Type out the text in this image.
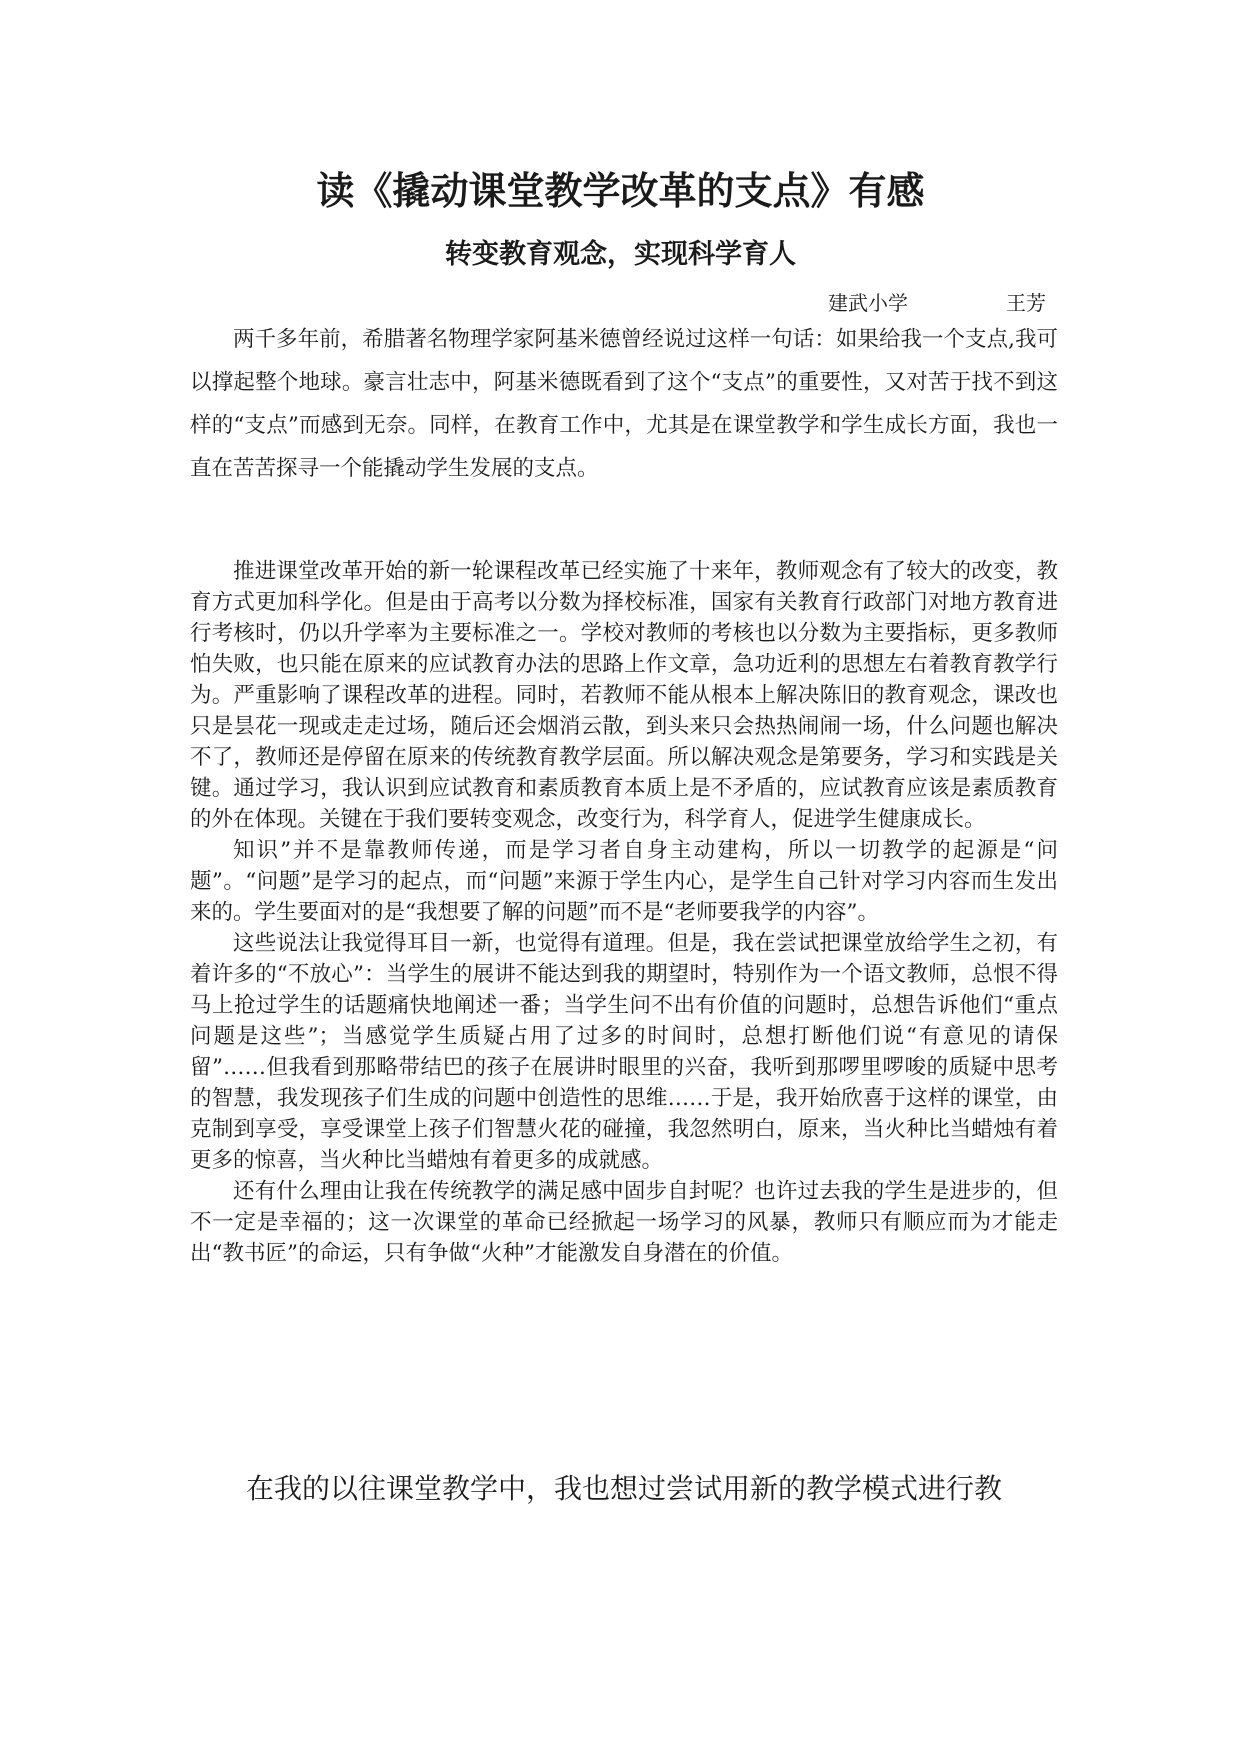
读《撬动课堂教学改革的支点》有感
转变教育观念，实现科学育人
建武小学	王芳

两千多年前，希腊著名物理学家阿基米德曾经说过这样一句话：如果给我一个支点,我可以撑起整个地球。豪言壮志中，阿基米德既看到了这个“支点”的重要性，又对苦于找不到这样的“支点”而感到无奈。同样，在教育工作中，尤其是在课堂教学和学生成长方面，我也一直在苦苦探寻一个能撬动学生发展的支点。

推进课堂改革开始的新一轮课程改革已经实施了十来年，教师观念有了较大的改变，教育方式更加科学化。但是由于高考以分数为择校标准，国家有关教育行政部门对地方教育进行考核时，仍以升学率为主要标准之一。学校对教师的考核也以分数为主要指标，更多教师怕失败，也只能在原来的应试教育办法的思路上作文章，急功近利的思想左右着教育教学行为。严重影响了课程改革的进程。同时，若教师不能从根本上解决陈旧的教育观念，课改也只是昙花一现或走走过场，随后还会烟消云散，到头来只会热热闹闹一场，什么问题也解决不了，教师还是停留在原来的传统教育教学层面。所以解决观念是第要务，学习和实践是关键。通过学习，我认识到应试教育和素质教育本质上是不矛盾的，应试教育应该是素质教育的外在体现。关键在于我们要转变观念，改变行为，科学育人，促进学生健康成长。

知识”并不是靠教师传递，而是学习者自身主动建构，所以一切教学的起源是“问题”。“问题”是学习的起点，而“问题”来源于学生内心，是学生自己针对学习内容而生发出来的。学生要面对的是“我想要了解的问题”而不是“老师要我学的内容”。

这些说法让我觉得耳目一新，也觉得有道理。但是，我在尝试把课堂放给学生之初，有着许多的“不放心”：当学生的展讲不能达到我的期望时，特别作为一个语文教师，总恨不得马上抢过学生的话题痛快地阐述一番；当学生问不出有价值的问题时，总想告诉他们“重点问题是这些”；当感觉学生质疑占用了过多的时间时，总想打断他们说“有意见的请保留”……但我看到那略带结巴的孩子在展讲时眼里的兴奋，我听到那啰里啰唆的质疑中思考的智慧，我发现孩子们生成的问题中创造性的思维……于是，我开始欣喜于这样的课堂，由克制到享受，享受课堂上孩子们智慧火花的碰撞，我忽然明白，原来，当火种比当蜡烛有着更多的惊喜，当火种比当蜡烛有着更多的成就感。

还有什么理由让我在传统教学的满足感中固步自封呢？也许过去我的学生是进步的，但不一定是幸福的；这一次课堂的革命已经掀起一场学习的风暴，教师只有顺应而为才能走出“教书匠”的命运，只有争做“火种”才能激发自身潜在的价值。

在我的以往课堂教学中，我也想过尝试用新的教学模式进行教
